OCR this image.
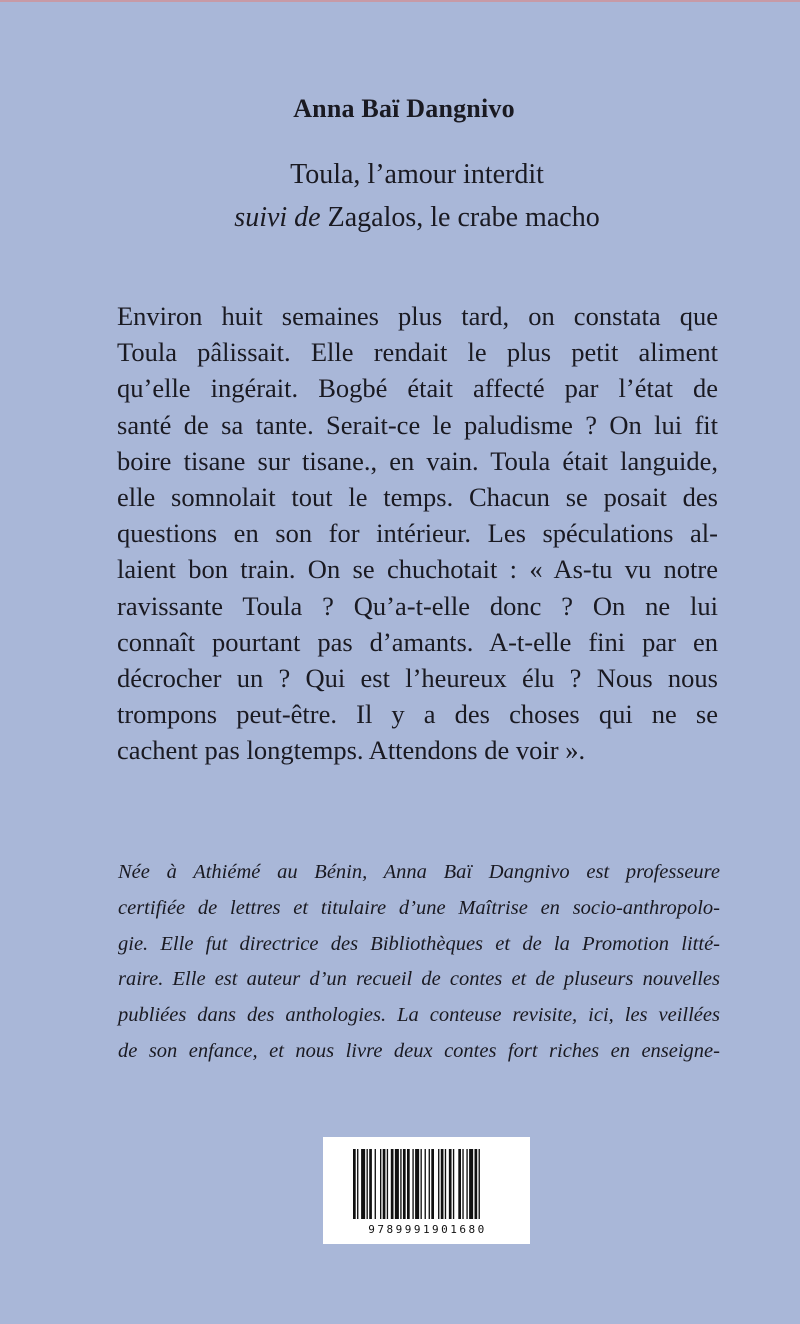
Anna Baï Dangnivo
Toula, l’amour interdit
suivi de Zagalos, le crabe macho
Environ huit semaines plus tard, on constata que
Toula pâlissait. Elle rendait le plus petit aliment
qu’elle ingérait. Bogbé était affecté par l’état de
santé de sa tante. Serait-ce le paludisme ? On lui fit
boire tisane sur tisane., en vain. Toula était languide,
elle somnolait tout le temps. Chacun se posait des
questions en son for intérieur. Les spéculations al-
laient bon train. On se chuchotait : « As-tu vu notre
ravissante Toula ? Qu’a-t-elle donc ? On ne lui
connaît pourtant pas d’amants. A-t-elle fini par en
décrocher un ? Qui est l’heureux élu ? Nous nous
trompons peut-être. Il y a des choses qui ne se
cachent pas longtemps. Attendons de voir ».
Née à Athiémé au Bénin, Anna Baï Dangnivo est professeure
certifiée de lettres et titulaire d’une Maîtrise en socio-anthropolo-
gie. Elle fut directrice des Bibliothèques et de la Promotion litté-
raire. Elle est auteur d’un recueil de contes et de pluseurs nouvelles
publiées dans des anthologies. La conteuse revisite, ici, les veillées
de son enfance, et nous livre deux contes fort riches en enseigne-
9789991901680
